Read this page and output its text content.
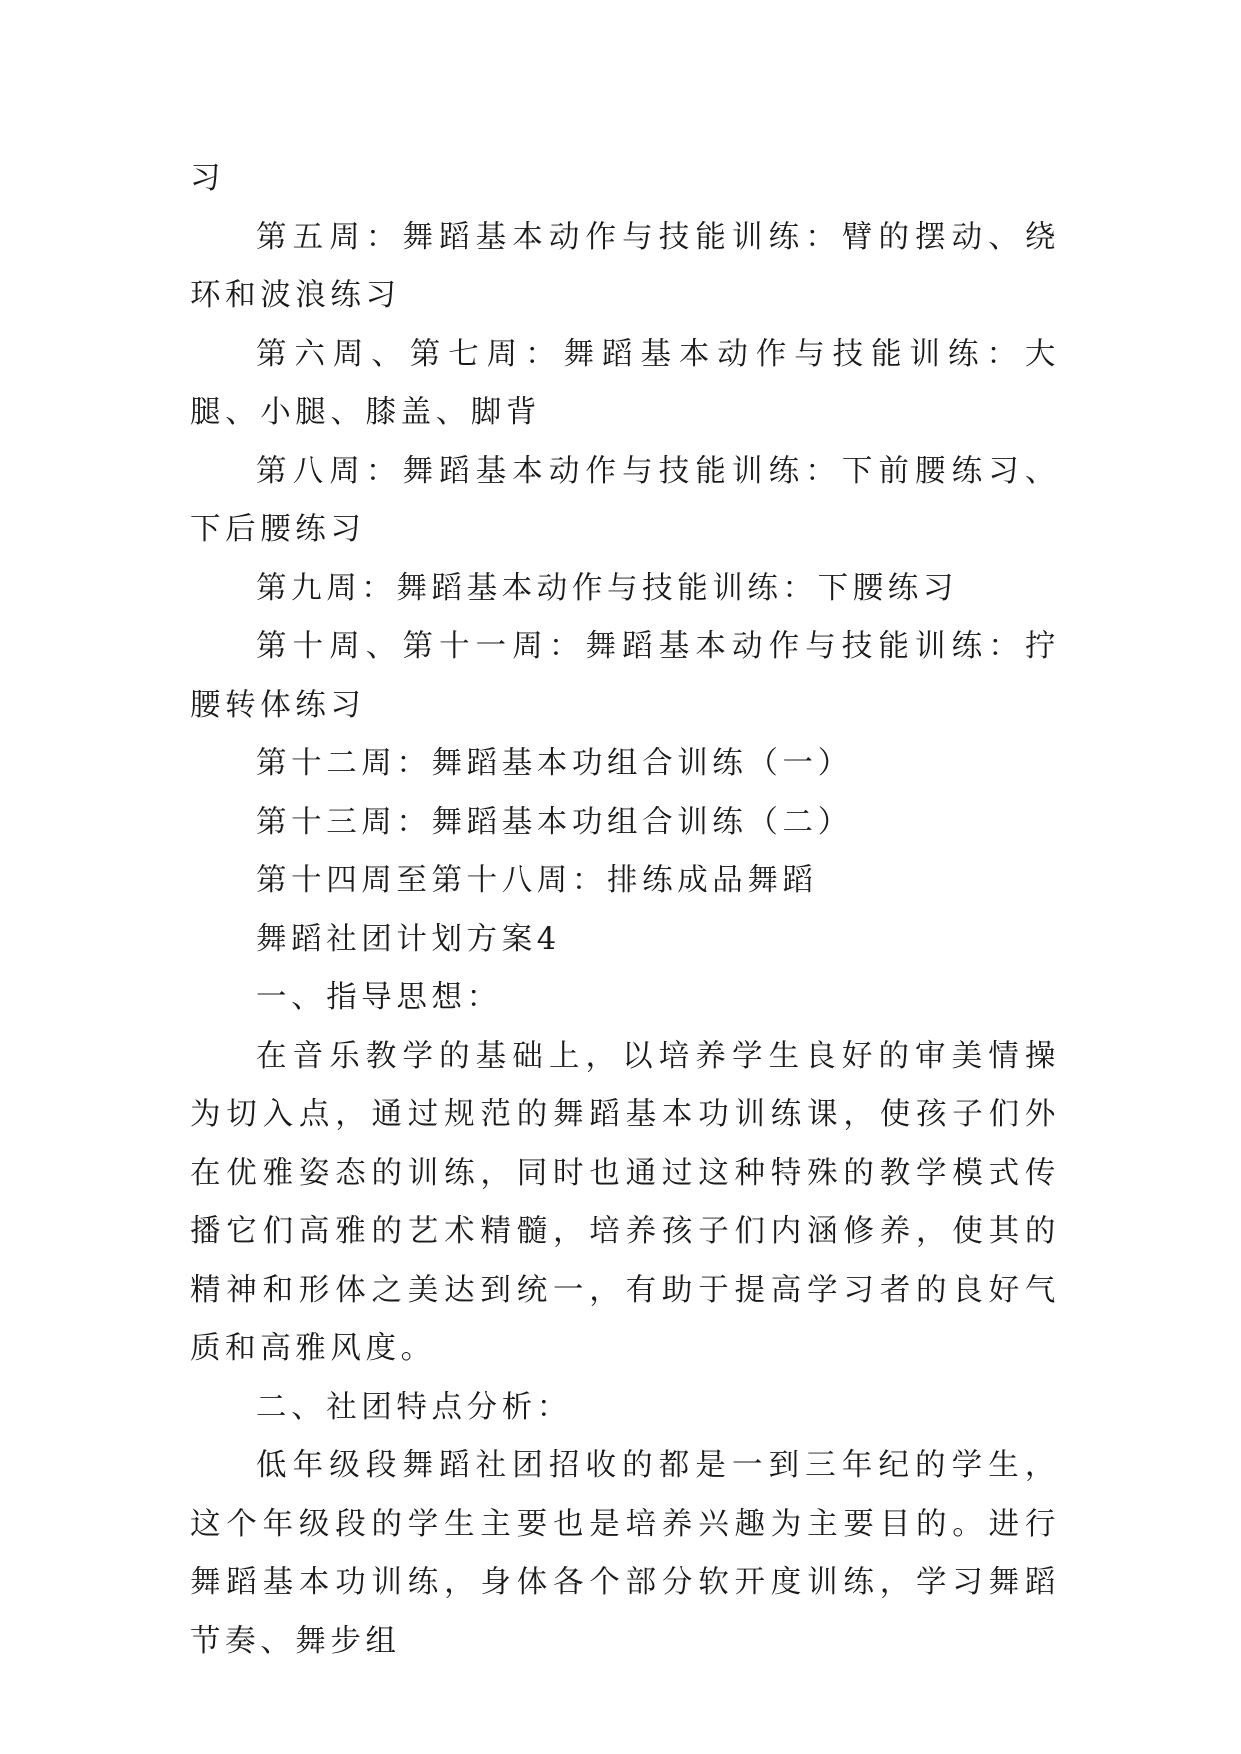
习

第五周：舞蹈基本动作与技能训练：臂的摆动、绕环和波浪练习

第六周、第七周：舞蹈基本动作与技能训练：大腿、小腿、膝盖、脚背

第八周：舞蹈基本动作与技能训练：下前腰练习、下后腰练习

第九周：舞蹈基本动作与技能训练：下腰练习

第十周、第十一周：舞蹈基本动作与技能训练：拧腰转体练习

第十二周：舞蹈基本功组合训练（一）

第十三周：舞蹈基本功组合训练（二）

第十四周至第十八周：排练成品舞蹈

舞蹈社团计划方案4

一、指导思想：

在音乐教学的基础上，以培养学生良好的审美情操为切入点，通过规范的舞蹈基本功训练课，使孩子们外在优雅姿态的训练，同时也通过这种特殊的教学模式传播它们高雅的艺术精髓，培养孩子们内涵修养，使其的精神和形体之美达到统一，有助于提高学习者的良好气质和高雅风度。

二、社团特点分析：

低年级段舞蹈社团招收的都是一到三年纪的学生，这个年级段的学生主要也是培养兴趣为主要目的。进行舞蹈基本功训练，身体各个部分软开度训练，学习舞蹈节奏、舞步组
